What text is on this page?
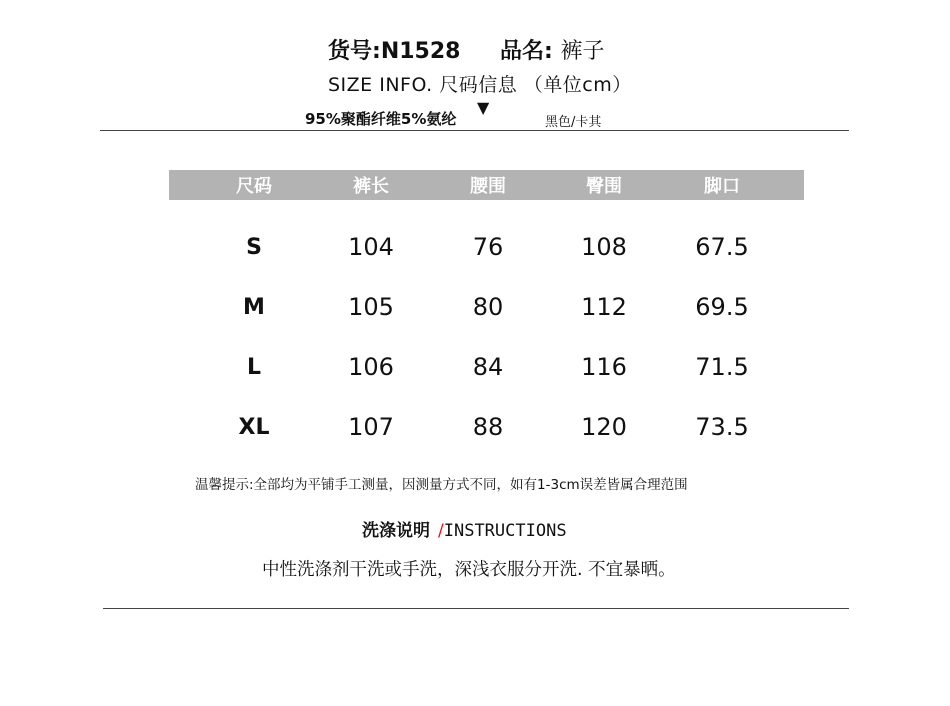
货号:N1528 品名: 裤子
SIZE INFO. 尺码信息 （单位cm）
95%聚酯纤维5%氨纶
▼
黑色/卡其
尺码	裤长	腰围	臀围	脚口
S	104	76	108	67.5
M	105	80	112	69.5
L	106	84	116	71.5
XL	107	88	120	73.5
温馨提示:全部均为平铺手工测量，因测量方式不同，如有1-3cm误差皆属合理范围
洗涤说明 /INSTRUCTIONS
中性洗涤剂干洗或手洗，深浅衣服分开洗. 不宜暴晒。
